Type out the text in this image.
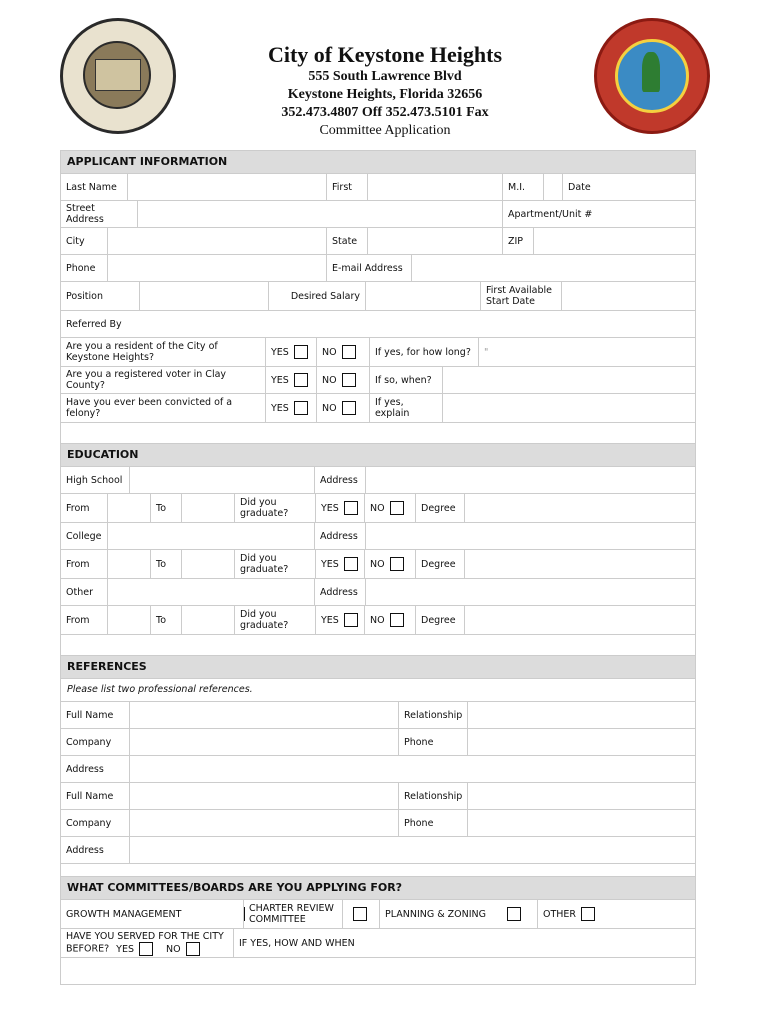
City of Keystone Heights
555 South Lawrence Blvd
Keystone Heights, Florida 32656
352.473.4807 Off 352.473.5101 Fax
Committee Application
APPLICANT INFORMATION
Last Name	First	M.I.	Date
Street Address	Apartment/Unit #
City	State	ZIP
Phone	E-mail Address
Position	Desired Salary	First Available Start Date
Referred By
Are you a resident of the City of Keystone Heights?	YES	NO	If yes, for how long?	"
Are you a registered voter in Clay County?	YES	NO	If so, when?
Have you ever been convicted of a felony?	YES	NO	If yes, explain
EDUCATION
High School	Address
From	To	Did you graduate?	YES	NO	Degree
College	Address
From	To	Did you graduate?	YES	NO	Degree
Other	Address
From	To	Did you graduate?	YES	NO	Degree
REFERENCES
Please list two professional references.
Full Name	Relationship
Company	Phone
Address
Full Name	Relationship
Company	Phone
Address
WHAT COMMITTEES/BOARDS ARE YOU APPLYING FOR?
GROWTH MANAGEMENT	CHARTER REVIEW COMMITTEE	PLANNING & ZONING	OTHER
HAVE YOU SERVED FOR THE CITY BEFORE? YES	NO
IF YES, HOW AND WHEN
